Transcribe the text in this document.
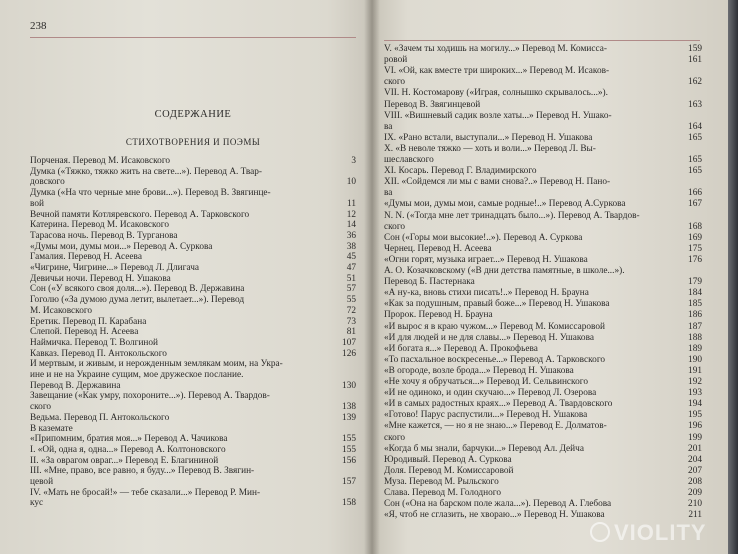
238
СОДЕРЖАНИЕ
СТИХОТВОРЕНИЯ И ПОЭМЫ
Порченая. Перевод М. Исаковского	3
Думка («Тяжко, тяжко жить на свете...»). Перевод А. Твар-
довского	10
Думка («На что черные мне брови...»). Перевод В. Звягинце-
вой	11
Вечной памяти Котляревского. Перевод А. Тарковского	12
Катерина. Перевод М. Исаковского	14
Тарасова ночь. Перевод В. Турганова	36
«Думы мои, думы мои...» Перевод А. Суркова	38
Гамалия. Перевод Н. Асеева	45
«Чигрине, Чигрине...» Перевод Л. Длигача	47
Девичьи ночи. Перевод Н. Ушакова	51
Сон («У всякого своя доля...»). Перевод В. Державина	57
Гоголю («За думою дума летит, вылетает...»). Перевод	55
М. Исаковского	72
Еретик. Перевод П. Карабана	73
Слепой. Перевод Н. Асеева	81
Наймичка. Перевод Т. Волгиной	107
Кавказ. Перевод П. Антокольского	126
И мертвым, и живым, и нерожденным землякам моим, на Укра-
ине и не на Украине сущим, мое дружеское послание.
Перевод В. Державина	130
Завещание («Как умру, похороните...»). Перевод А. Твардов-
ского	138
Ведьма. Перевод П. Антокольского	139
В каземате
«Припомним, братия моя...» Перевод А. Чачикова	155
I. «Ой, одна я, одна...» Перевод А. Колтоновского	155
II. «За оврагом овраг...» Перевод Е. Благининой	156
III. «Мне, право, все равно, я буду...» Перевод В. Звягин-
цевой	157
IV. «Мать не бросай!» — тебе сказали...» Перевод Р. Мин-
кус	158
V. «Зачем ты ходишь на могилу...» Перевод М. Комисса-	159
ровой	161
VI. «Ой, как вместе три широких...» Перевод М. Исаков-
ского	162
VII. Н. Костомарову («Играя, солнышко скрывалось...»).
Перевод В. Звягинцевой	163
VIII. «Вишневый садик возле хаты...» Перевод Н. Ушако-
ва	164
IX. «Рано встали, выступали...» Перевод Н. Ушакова	165
X. «В неволе тяжко — хоть и воли...» Перевод Л. Вы-
шеславского	165
XI. Косарь. Перевод Г. Владимирского	165
XII. «Сойдемся ли мы с вами снова?..» Перевод Н. Пано-
ва	166
«Думы мои, думы мои, самые родные!..» Перевод А.Суркова	167
N. N. («Тогда мне лет тринадцать было...»). Перевод А. Твардов-
ского	168
Сон («Горы мои высокие!..»). Перевод А. Суркова	169
Чернец. Перевод Н. Асеева	175
«Огни горят, музыка играет...» Перевод Н. Ушакова	176
А. О. Козачковскому («В дни детства памятные, в школе...»).
Перевод Б. Пастернака	179
«А ну-ка, вновь стихи писать!..» Перевод Н. Брауна	184
«Как за подушным, правый боже...» Перевод Н. Ушакова	185
Пророк. Перевод Н. Брауна	186
«И вырос я в краю чужом...» Перевод М. Комиссаровой	187
«И для людей и не для славы...» Перевод Н. Ушакова	188
«И богата я...» Перевод А. Прокофьева	189
«То пасхальное воскресенье...» Перевод А. Тарковского	190
«В огороде, возле брода...» Перевод Н. Ушакова	191
«Не хочу я обручаться...» Перевод И. Сельвинского	192
«И не одиноко, и один скучаю...» Перевод Л. Озерова	193
«И в самых радостных краях...» Перевод А. Твардовского	194
«Готово! Парус распустили...» Перевод Н. Ушакова	195
«Мне кажется, — но я не знаю...» Перевод Е. Долматов-	196
ского	199
«Когда б мы знали, барчуки...» Перевод Ал. Дейча	201
Юродивый. Перевод А. Суркова	204
Доля. Перевод М. Комиссаровой	207
Муза. Перевод М. Рыльского	208
Слава. Перевод М. Голодного	209
Сон («Она на барском поле жала...»). Перевод А. Глебова	210
«Я, чтоб не сглазить, не хвораю...» Перевод Н. Ушакова	211
VIOLITY
